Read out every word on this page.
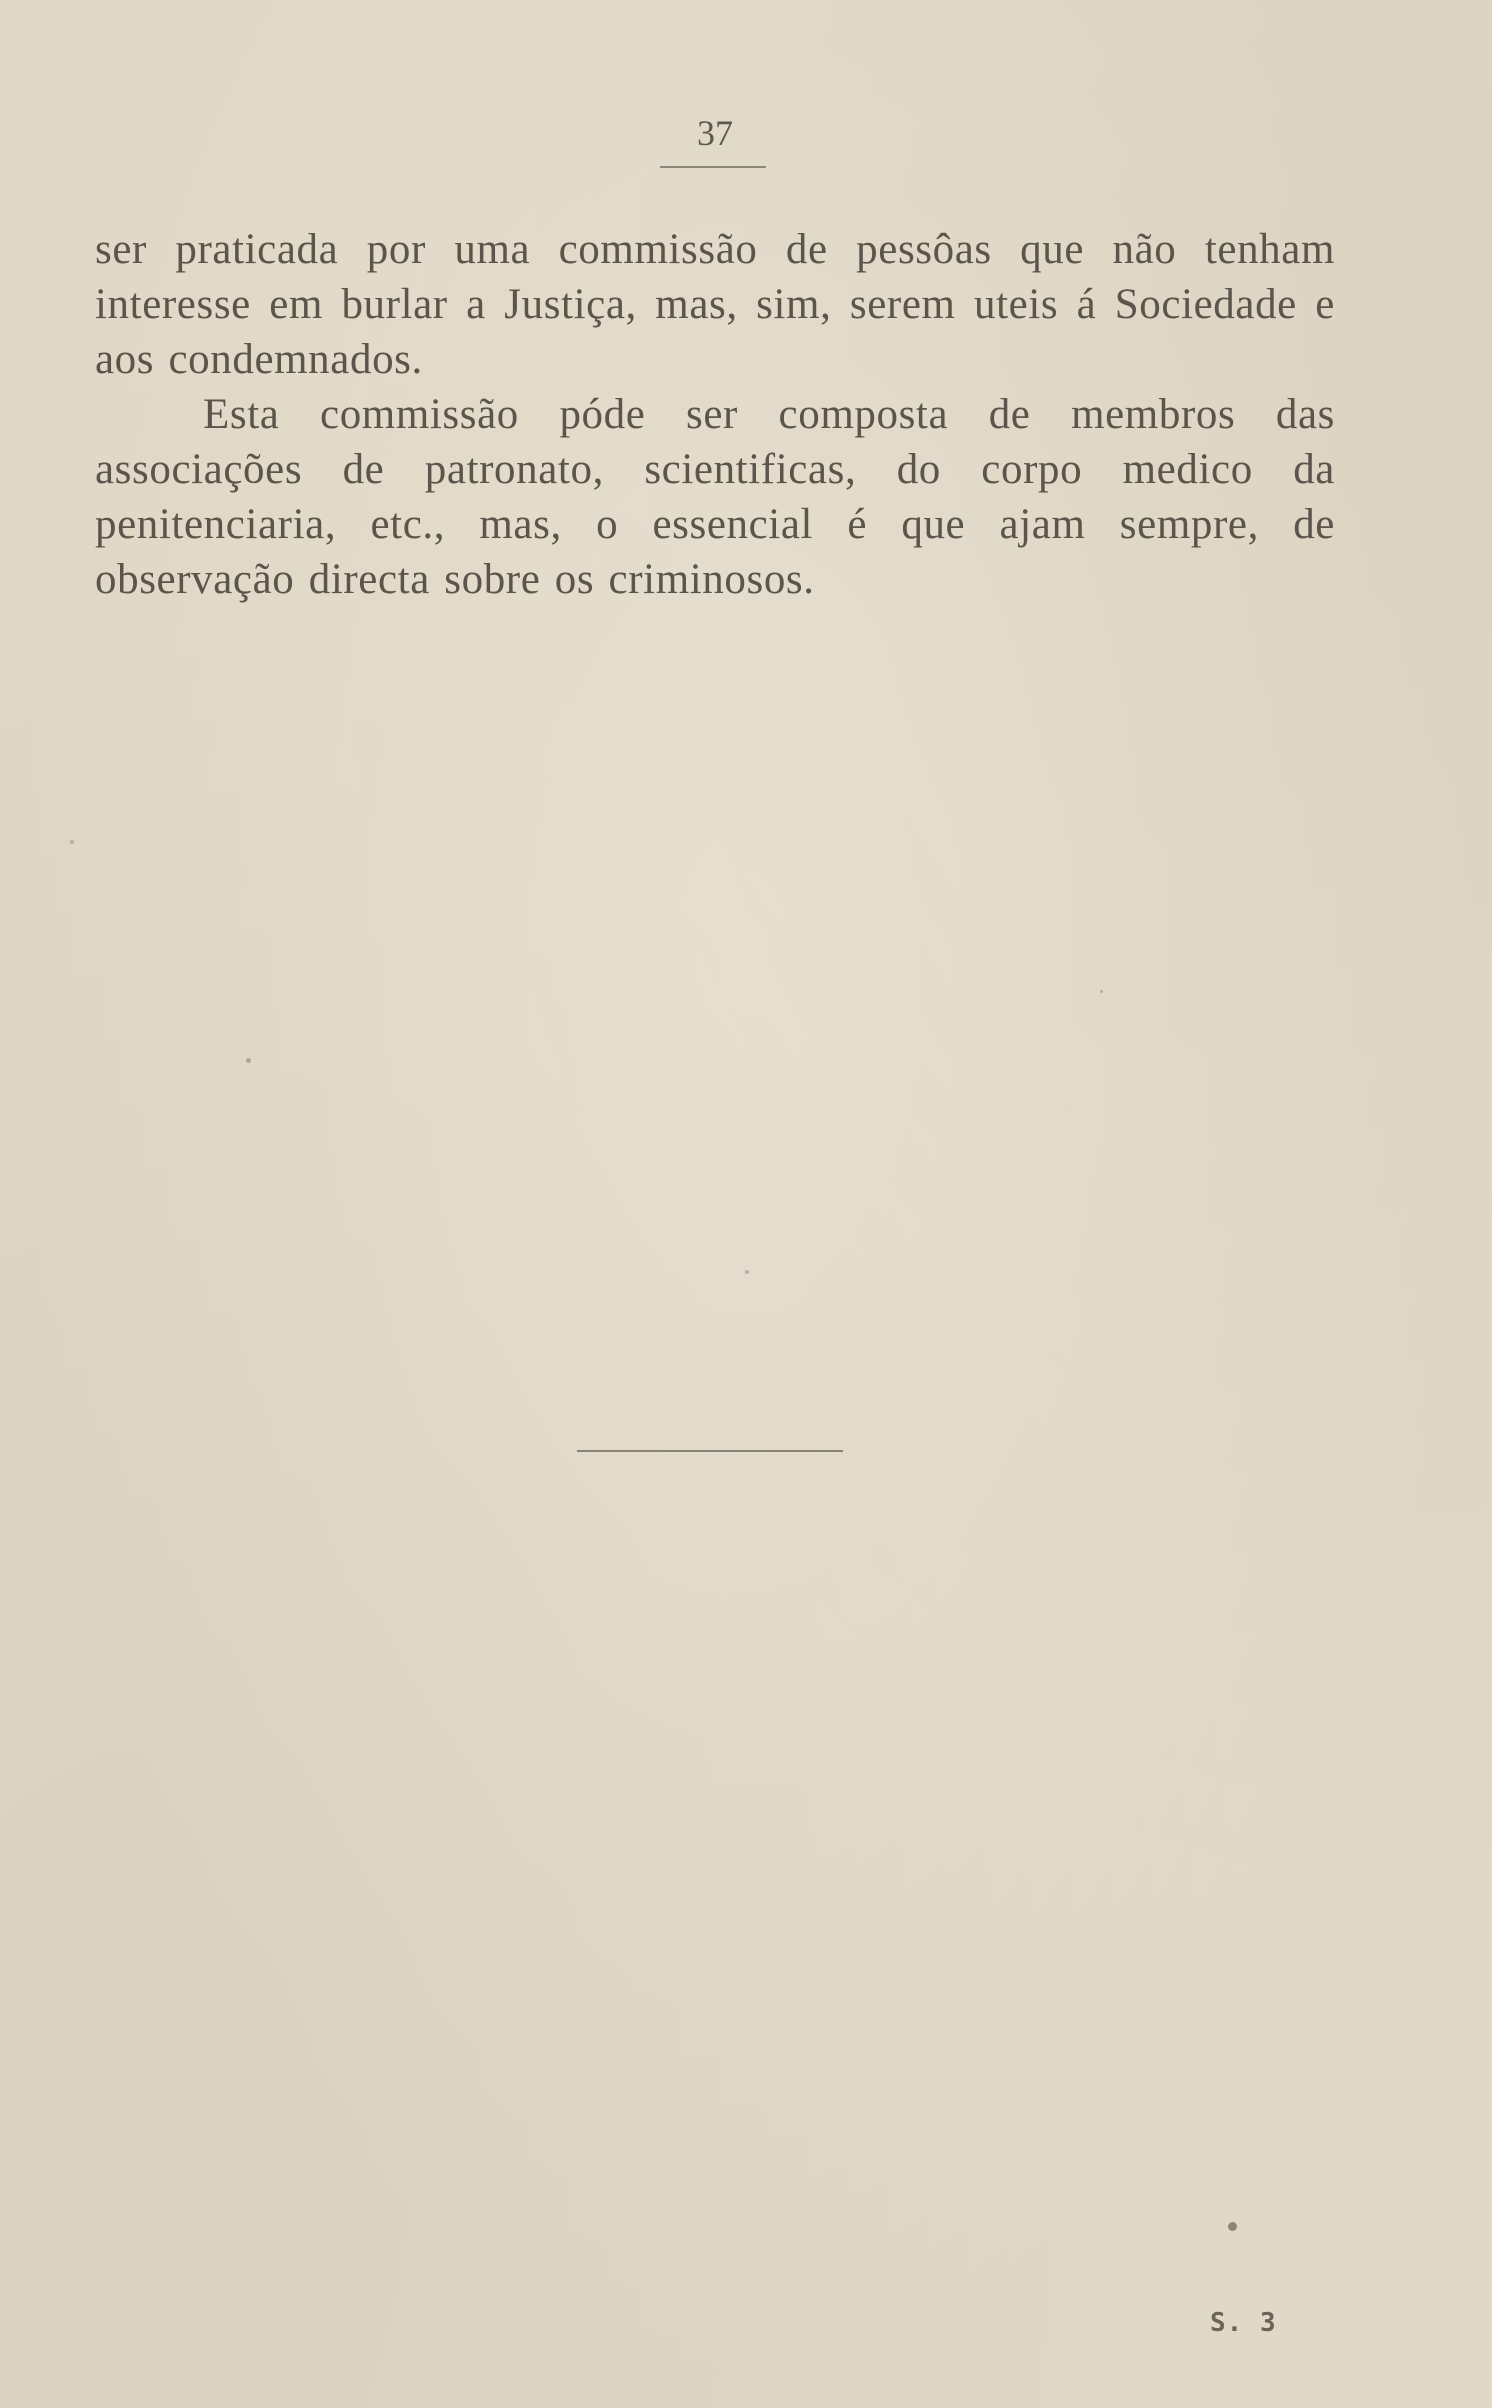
37

ser praticada por uma commissão de pessôas que não tenham interesse em burlar a Justiça, mas, sim, serem uteis á Sociedade e aos condemnados.

Esta commissão póde ser composta de membros das associações de patronato, scientificas, do corpo medico da penitenciaria, etc., mas, o essencial é que ajam sempre, de observação directa sobre os criminosos.

S. 3
